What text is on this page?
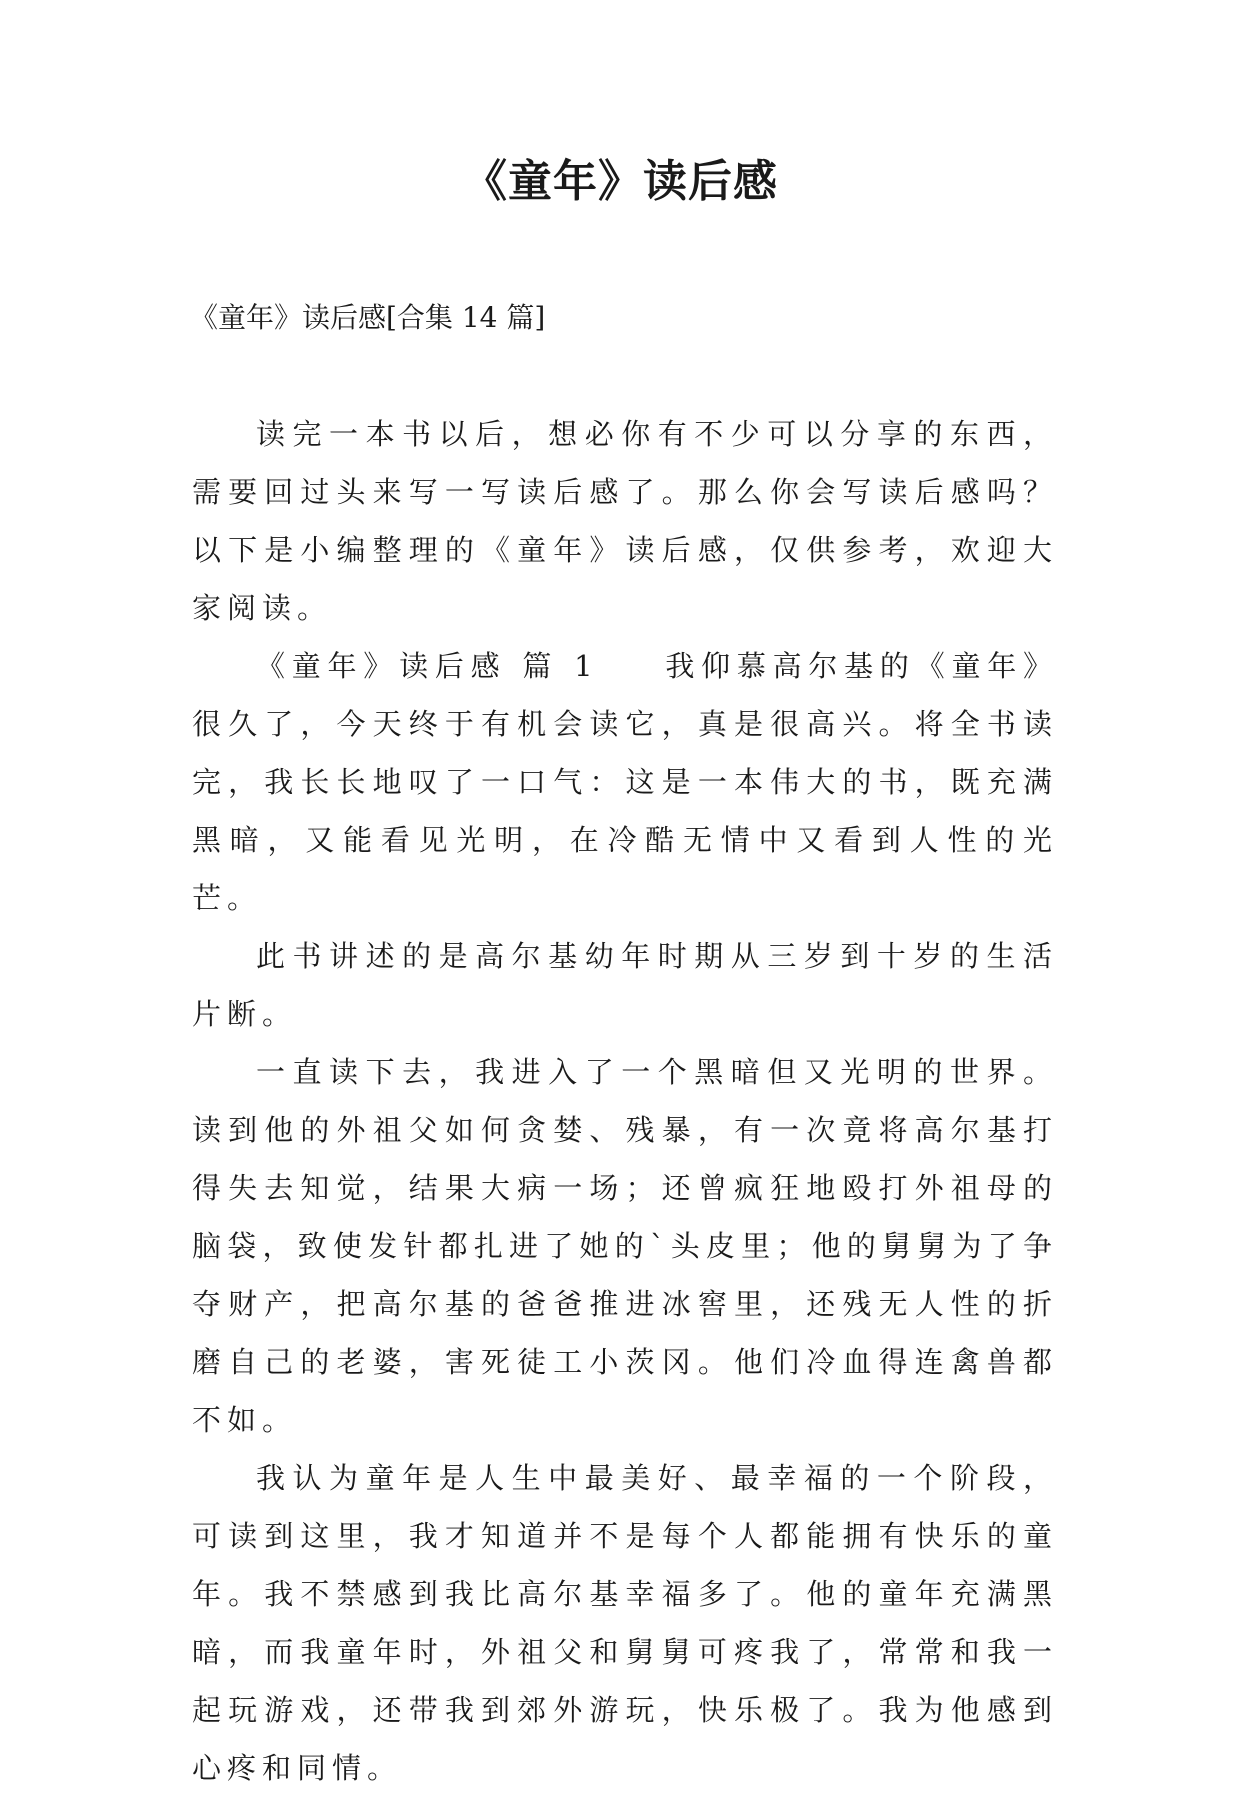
《童年》读后感

《童年》读后感[合集 14 篇]

读完一本书以后，想必你有不少可以分享的东西，需要回过头来写一写读后感了。那么你会写读后感吗？以下是小编整理的《童年》读后感，仅供参考，欢迎大家阅读。

《童年》读后感 篇 1 我仰慕高尔基的《童年》很久了，今天终于有机会读它，真是很高兴。将全书读完，我长长地叹了一口气：这是一本伟大的书，既充满黑暗，又能看见光明，在冷酷无情中又看到人性的光芒。

此书讲述的是高尔基幼年时期从三岁到十岁的生活片断。

一直读下去，我进入了一个黑暗但又光明的世界。读到他的外祖父如何贪婪、残暴，有一次竟将高尔基打得失去知觉，结果大病一场；还曾疯狂地殴打外祖母的脑袋，致使发针都扎进了她的`头皮里；他的舅舅为了争夺财产，把高尔基的爸爸推进冰窖里，还残无人性的折磨自己的老婆，害死徒工小茨冈。他们冷血得连禽兽都不如。

我认为童年是人生中最美好、最幸福的一个阶段，可读到这里，我才知道并不是每个人都能拥有快乐的童年。我不禁感到我比高尔基幸福多了。他的童年充满黑暗，而我童年时，外祖父和舅舅可疼我了，常常和我一起玩游戏，还带我到郊外游玩，快乐极了。我为他感到心疼和同情。
